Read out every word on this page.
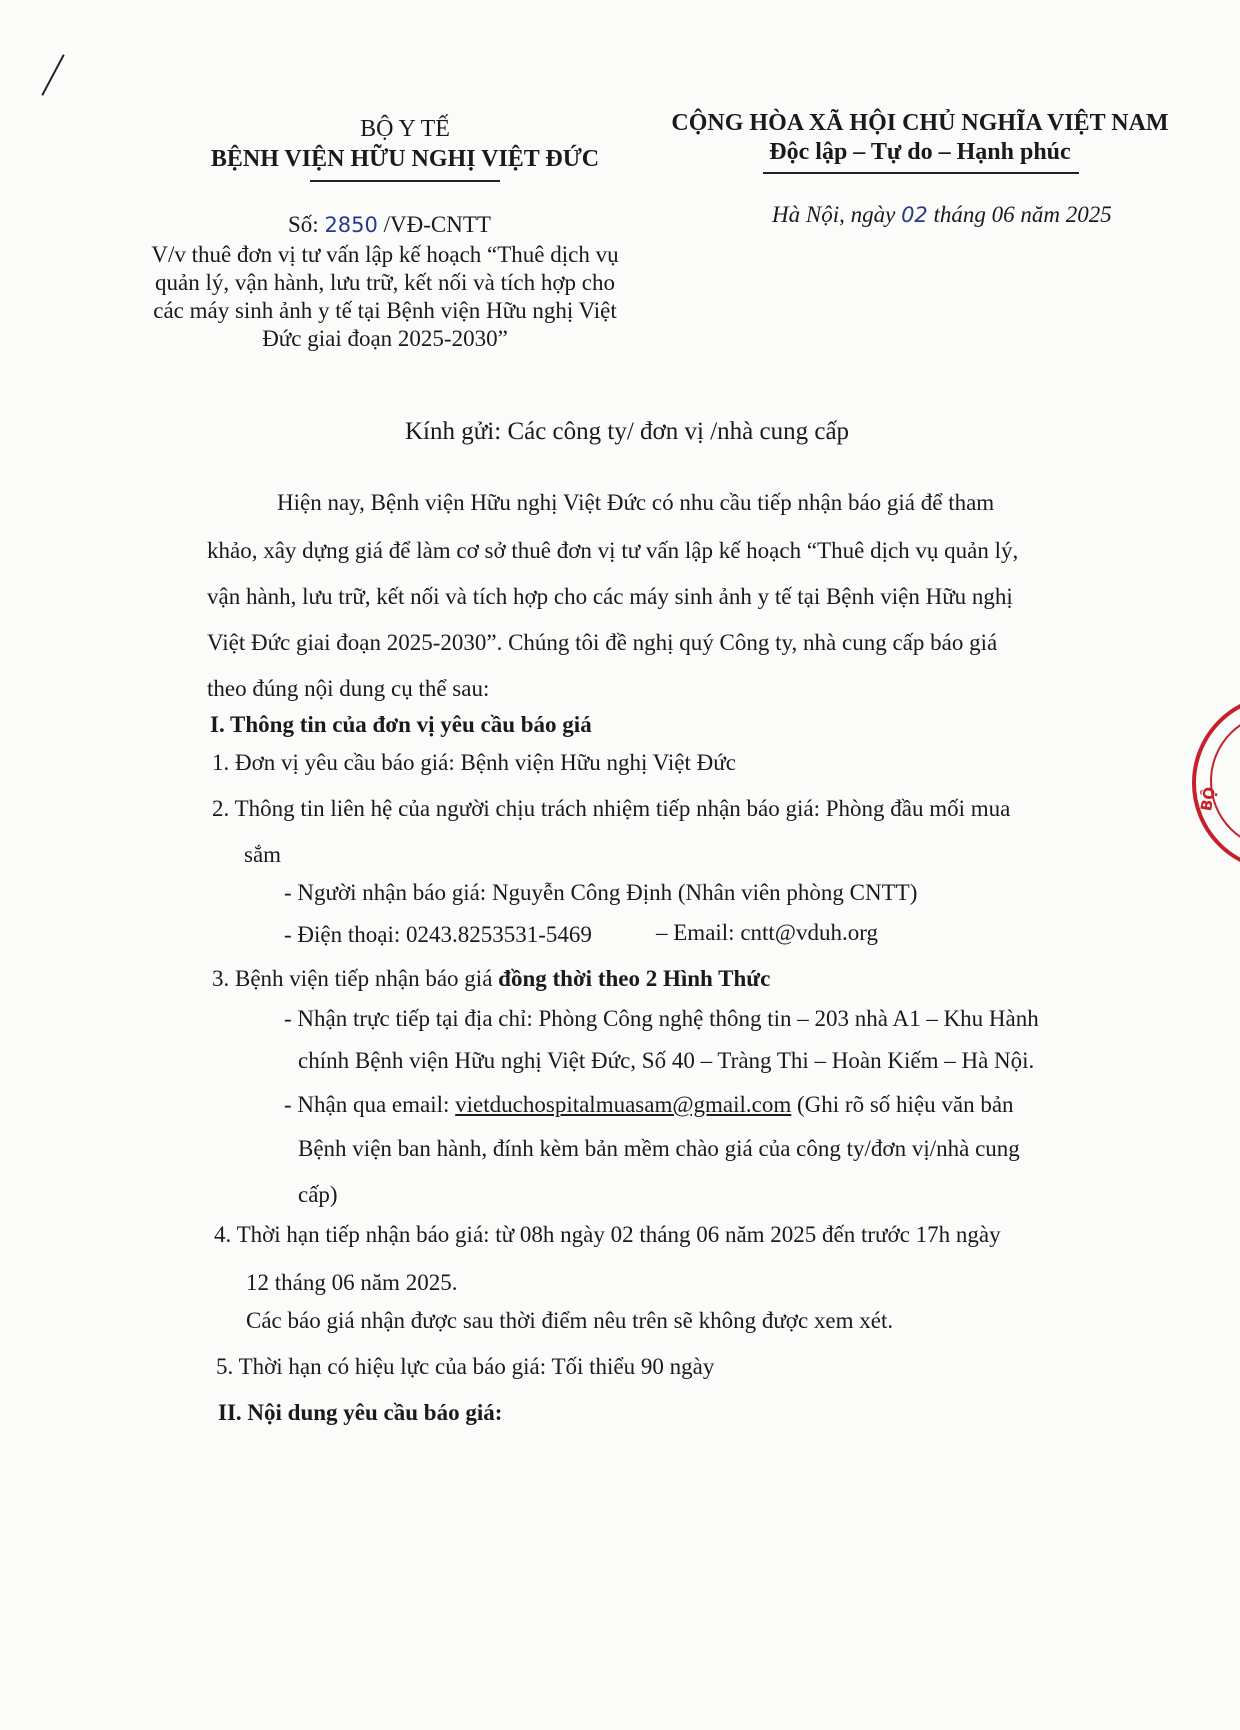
BỘ Y TẾ
BỆNH VIỆN HỮU NGHỊ VIỆT ĐỨC
Số: 2850 /VĐ-CNTT
V/v thuê đơn vị tư vấn lập kế hoạch “Thuê dịch vụ
quản lý, vận hành, lưu trữ, kết nối và tích hợp cho
các máy sinh ảnh y tế tại Bệnh viện Hữu nghị Việt
Đức giai đoạn 2025-2030”
CỘNG HÒA XÃ HỘI CHỦ NGHĨA VIỆT NAM
Độc lập – Tự do – Hạnh phúc
Hà Nội, ngày 02 tháng 06 năm 2025
Kính gửi: Các công ty/ đơn vị /nhà cung cấp
Hiện nay, Bệnh viện Hữu nghị Việt Đức có nhu cầu tiếp nhận báo giá để tham
khảo, xây dựng giá để làm cơ sở thuê đơn vị tư vấn lập kế hoạch “Thuê dịch vụ quản lý,
vận hành, lưu trữ, kết nối và tích hợp cho các máy sinh ảnh y tế tại Bệnh viện Hữu nghị
Việt Đức giai đoạn 2025-2030”. Chúng tôi đề nghị quý Công ty, nhà cung cấp báo giá
theo đúng nội dung cụ thể sau:
I. Thông tin của đơn vị yêu cầu báo giá
1. Đơn vị yêu cầu báo giá: Bệnh viện Hữu nghị Việt Đức
2. Thông tin liên hệ của người chịu trách nhiệm tiếp nhận báo giá: Phòng đầu mối mua
sắm
- Người nhận báo giá: Nguyễn Công Định (Nhân viên phòng CNTT)
- Điện thoại: 0243.8253531-5469	– Email: cntt@vduh.org
3. Bệnh viện tiếp nhận báo giá đồng thời theo 2 Hình Thức
- Nhận trực tiếp tại địa chỉ: Phòng Công nghệ thông tin – 203 nhà A1 – Khu Hành
chính Bệnh viện Hữu nghị Việt Đức, Số 40 – Tràng Thi – Hoàn Kiếm – Hà Nội.
- Nhận qua email: vietduchospitalmuasam@gmail.com (Ghi rõ số hiệu văn bản
Bệnh viện ban hành, đính kèm bản mềm chào giá của công ty/đơn vị/nhà cung
cấp)
4. Thời hạn tiếp nhận báo giá: từ 08h ngày 02 tháng 06 năm 2025 đến trước 17h ngày
12 tháng 06 năm 2025.
Các báo giá nhận được sau thời điểm nêu trên sẽ không được xem xét.
5. Thời hạn có hiệu lực của báo giá: Tối thiểu 90 ngày
II. Nội dung yêu cầu báo giá:
BỘ
